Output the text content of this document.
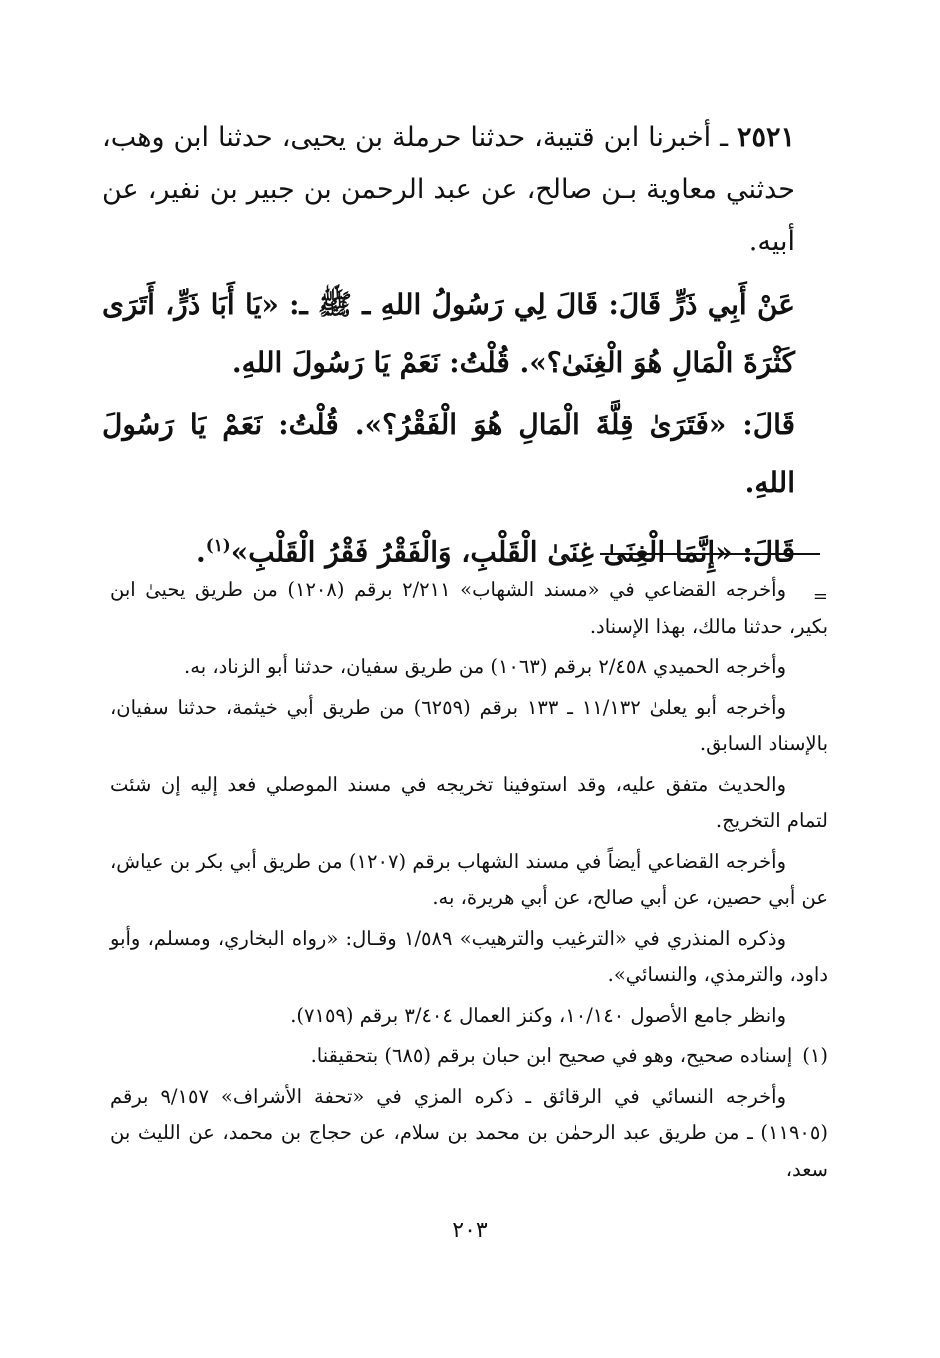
٢٥٢١ ـ أخبرنا ابن قتيبة، حدثنا حرملة بن يحيى، حدثنا ابن وهب، حدثني معاوية بـن صالح، عن عبد الرحمن بن جبير بن نفير، عن أبيه.

عَنْ أَبِي ذَرٍّ قَالَ: قَالَ لِي رَسُولُ اللهِ ـ ﷺ ـ: «يَا أَبَا ذَرٍّ، أَتَرَى كَثْرَةَ الْمَالِ هُوَ الْغِنَىٰ؟». قُلْتُ: نَعَمْ يَا رَسُولَ اللهِ.

قَالَ: «فَتَرَىٰ قِلَّةَ الْمَالِ هُوَ الْفَقْرُ؟». قُلْتُ: نَعَمْ يَا رَسُولَ اللهِ.

قَالَ: «إِنَّمَا الْغِنَىٰ غِنَىٰ الْقَلْبِ، وَالْفَقْرُ فَقْرُ الْقَلْبِ»$^{(١)}$.

=

وأخرجه القضاعي في «مسند الشهاب» ٢/٢١١ برقم (١٢٠٨) من طريق يحيىٰ ابن بكير، حدثنا مالك، بهذا الإسناد.

وأخرجه الحميدي ٢/٤٥٨ برقم (١٠٦٣) من طريق سفيان، حدثنا أبو الزناد، به.

وأخرجه أبو يعلىٰ ١١/١٣٢ ـ ١٣٣ برقم (٦٢٥٩) من طريق أبي خيثمة، حدثنا سفيان، بالإسناد السابق.

والحديث متفق عليه، وقد استوفينا تخريجه في مسند الموصلي فعد إليه إن شئت لتمام التخريج.

وأخرجه القضاعي أيضاً في مسند الشهاب برقم (١٢٠٧) من طريق أبي بكر بن عياش، عن أبي حصين، عن أبي صالح، عن أبي هريرة، به.

وذكره المنذري في «الترغيب والترهيب» ١/٥٨٩ وقـال: «رواه البخاري، ومسلم، وأبو داود، والترمذي، والنسائي».

وانظر جامع الأصول ١٠/١٤٠، وكنز العمال ٣/٤٠٤ برقم (٧١٥٩).

(١)إسناده صحيح، وهو في صحيح ابن حبان برقم (٦٨٥) بتحقيقنا.

وأخرجه النسائي في الرقائق ـ ذكره المزي في «تحفة الأشراف» ٩/١٥٧ برقم (١١٩٠٥) ـ من طريق عبد الرحمٰن بن محمد بن سلام، عن حجاج بن محمد، عن الليث بن سعد،

٢٠٣
